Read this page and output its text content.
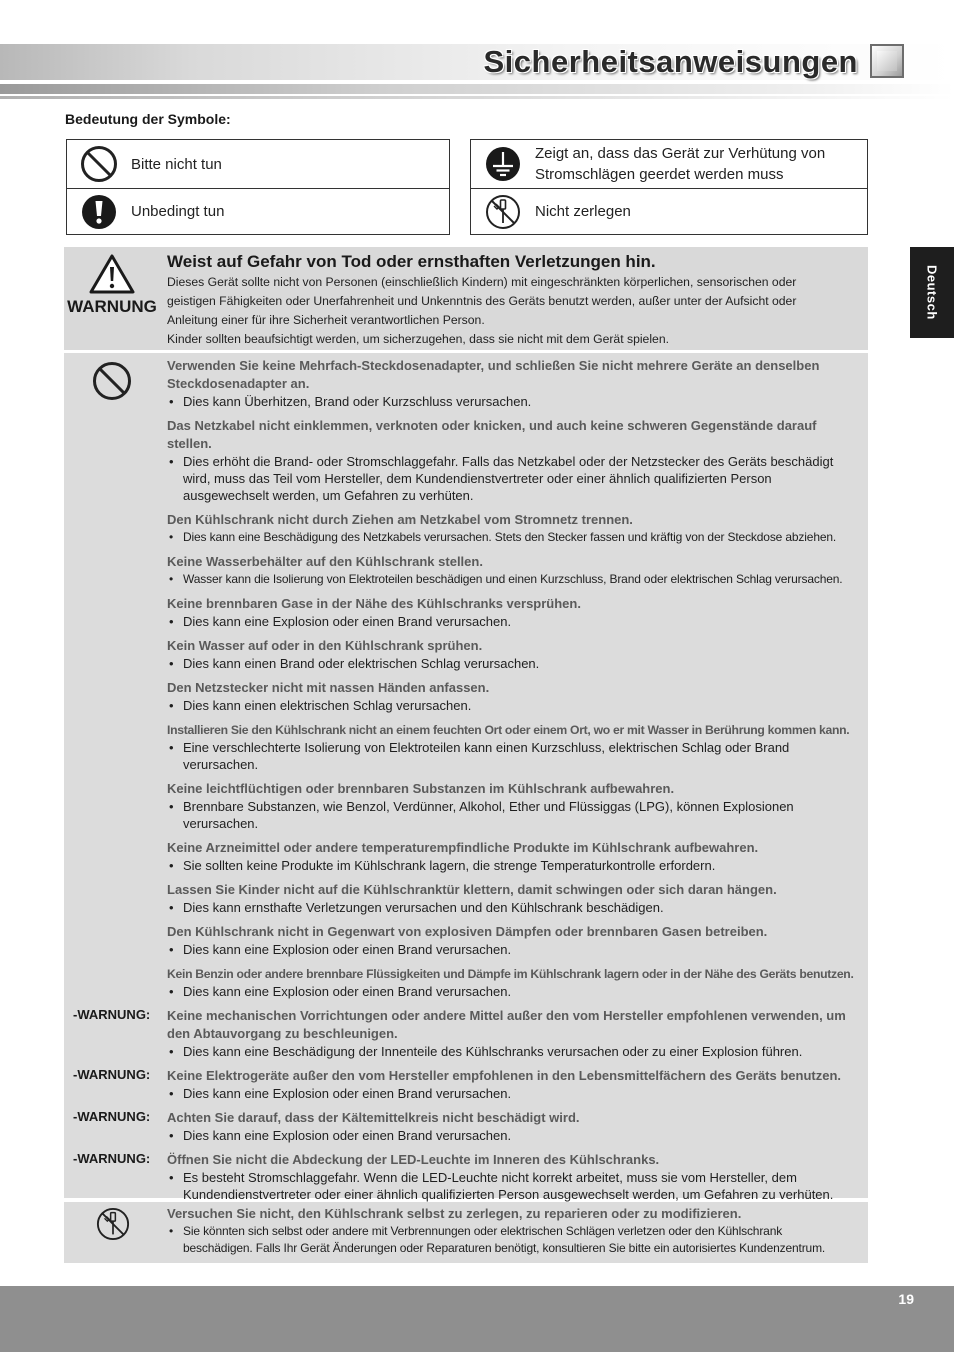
Sicherheitsanweisungen
Deutsch
Bedeutung der Symbole:
Bitte nicht tun
Unbedingt tun
Zeigt an, dass das Gerät zur Verhütung von
Stromschlägen geerdet werden muss
Nicht zerlegen
WARNUNG
Weist auf Gefahr von Tod oder ernsthaften Verletzungen hin.
Dieses Gerät sollte nicht von Personen (einschließlich Kindern) mit eingeschränkten körperlichen, sensorischen oder
geistigen Fähigkeiten oder Unerfahrenheit und Unkenntnis des Geräts benutzt werden, außer unter der Aufsicht oder
Anleitung einer für ihre Sicherheit verantwortlichen Person.
Kinder sollten beaufsichtigt werden, um sicherzugehen, dass sie nicht mit dem Gerät spielen.
Verwenden Sie keine Mehrfach-Steckdosenadapter, und schließen Sie nicht mehrere Geräte an denselben
Steckdosenadapter an.
• Dies kann Überhitzen, Brand oder Kurzschluss verursachen.
Das Netzkabel nicht einklemmen, verknoten oder knicken, und auch keine schweren Gegenstände darauf stellen.
• Dies erhöht die Brand- oder Stromschlaggefahr. Falls das Netzkabel oder der Netzstecker des Geräts beschädigt
wird, muss das Teil vom Hersteller, dem Kundendienstvertreter oder einer ähnlich qualifizierten Person
ausgewechselt werden, um Gefahren zu verhüten.
Den Kühlschrank nicht durch Ziehen am Netzkabel vom Stromnetz trennen.
• Dies kann eine Beschädigung des Netzkabels verursachen. Stets den Stecker fassen und kräftig von der Steckdose abziehen.
Keine Wasserbehälter auf den Kühlschrank stellen.
• Wasser kann die Isolierung von Elektroteilen beschädigen und einen Kurzschluss, Brand oder elektrischen Schlag verursachen.
Keine brennbaren Gase in der Nähe des Kühlschranks versprühen.
• Dies kann eine Explosion oder einen Brand verursachen.
Kein Wasser auf oder in den Kühlschrank sprühen.
• Dies kann einen Brand oder elektrischen Schlag verursachen.
Den Netzstecker nicht mit nassen Händen anfassen.
• Dies kann einen elektrischen Schlag verursachen.
Installieren Sie den Kühlschrank nicht an einem feuchten Ort oder einem Ort, wo er mit Wasser in Berührung kommen kann.
• Eine verschlechterte Isolierung von Elektroteilen kann einen Kurzschluss, elektrischen Schlag oder Brand verursachen.
Keine leichtflüchtigen oder brennbaren Substanzen im Kühlschrank aufbewahren.
• Brennbare Substanzen, wie Benzol, Verdünner, Alkohol, Ether und Flüssiggas (LPG), können Explosionen verursachen.
Keine Arzneimittel oder andere temperaturempfindliche Produkte im Kühlschrank aufbewahren.
• Sie sollten keine Produkte im Kühlschrank lagern, die strenge Temperaturkontrolle erfordern.
Lassen Sie Kinder nicht auf die Kühlschranktür klettern, damit schwingen oder sich daran hängen.
• Dies kann ernsthafte Verletzungen verursachen und den Kühlschrank beschädigen.
Den Kühlschrank nicht in Gegenwart von explosiven Dämpfen oder brennbaren Gasen betreiben.
• Dies kann eine Explosion oder einen Brand verursachen.
Kein Benzin oder andere brennbare Flüssigkeiten und Dämpfe im Kühlschrank lagern oder in der Nähe des Geräts benutzen.
• Dies kann eine Explosion oder einen Brand verursachen.
-WARNUNG: Keine mechanischen Vorrichtungen oder andere Mittel außer den vom Hersteller empfohlenen verwenden, um
den Abtauvorgang zu beschleunigen.
• Dies kann eine Beschädigung der Innenteile des Kühlschranks verursachen oder zu einer Explosion führen.
-WARNUNG: Keine Elektrogeräte außer den vom Hersteller empfohlenen in den Lebensmittelfächern des Geräts benutzen.
• Dies kann eine Explosion oder einen Brand verursachen.
-WARNUNG: Achten Sie darauf, dass der Kältemittelkreis nicht beschädigt wird.
• Dies kann eine Explosion oder einen Brand verursachen.
-WARNUNG: Öffnen Sie nicht die Abdeckung der LED-Leuchte im Inneren des Kühlschranks.
• Es besteht Stromschlaggefahr. Wenn die LED-Leuchte nicht korrekt arbeitet, muss sie vom Hersteller, dem
Kundendienstvertreter oder einer ähnlich qualifizierten Person ausgewechselt werden, um Gefahren zu verhüten.
Versuchen Sie nicht, den Kühlschrank selbst zu zerlegen, zu reparieren oder zu modifizieren.
• Sie könnten sich selbst oder andere mit Verbrennungen oder elektrischen Schlägen verletzen oder den Kühlschrank
beschädigen. Falls Ihr Gerät Änderungen oder Reparaturen benötigt, konsultieren Sie bitte ein autorisiertes Kundenzentrum.
19
